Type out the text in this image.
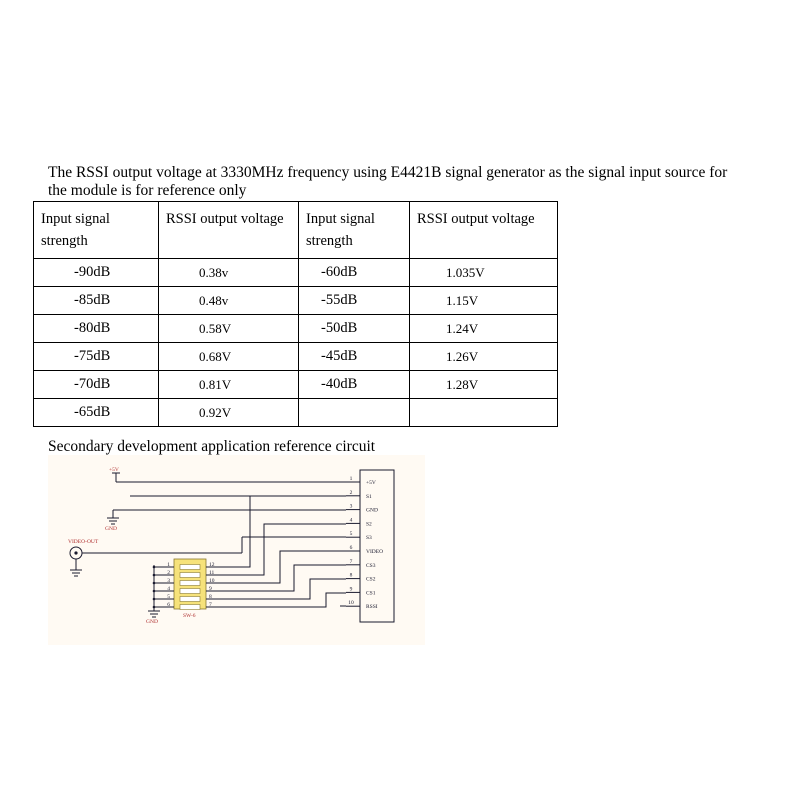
The RSSI output voltage at 3330MHz frequency using E4421B signal generator as the signal input source for the module is for reference only
Input signal strength	RSSI output voltage	Input signal strength	RSSI output voltage
-90dB	0.38v	-60dB	1.035V
-85dB	0.48v	-55dB	1.15V
-80dB	0.58V	-50dB	1.24V
-75dB	0.68V	-45dB	1.26V
-70dB	0.81V	-40dB	1.28V
-65dB	0.92V		
Secondary development application reference circuit
1
+5V
2
S1
3
GND
4
S2
5
S3
6
VIDEO
7
CS3
8
CS2
9
CS1
10
RSSI
+5V
GND
VIDEO-OUT
SW-6
GND
1
2
3
4
5
6
12
11
10
9
8
7
